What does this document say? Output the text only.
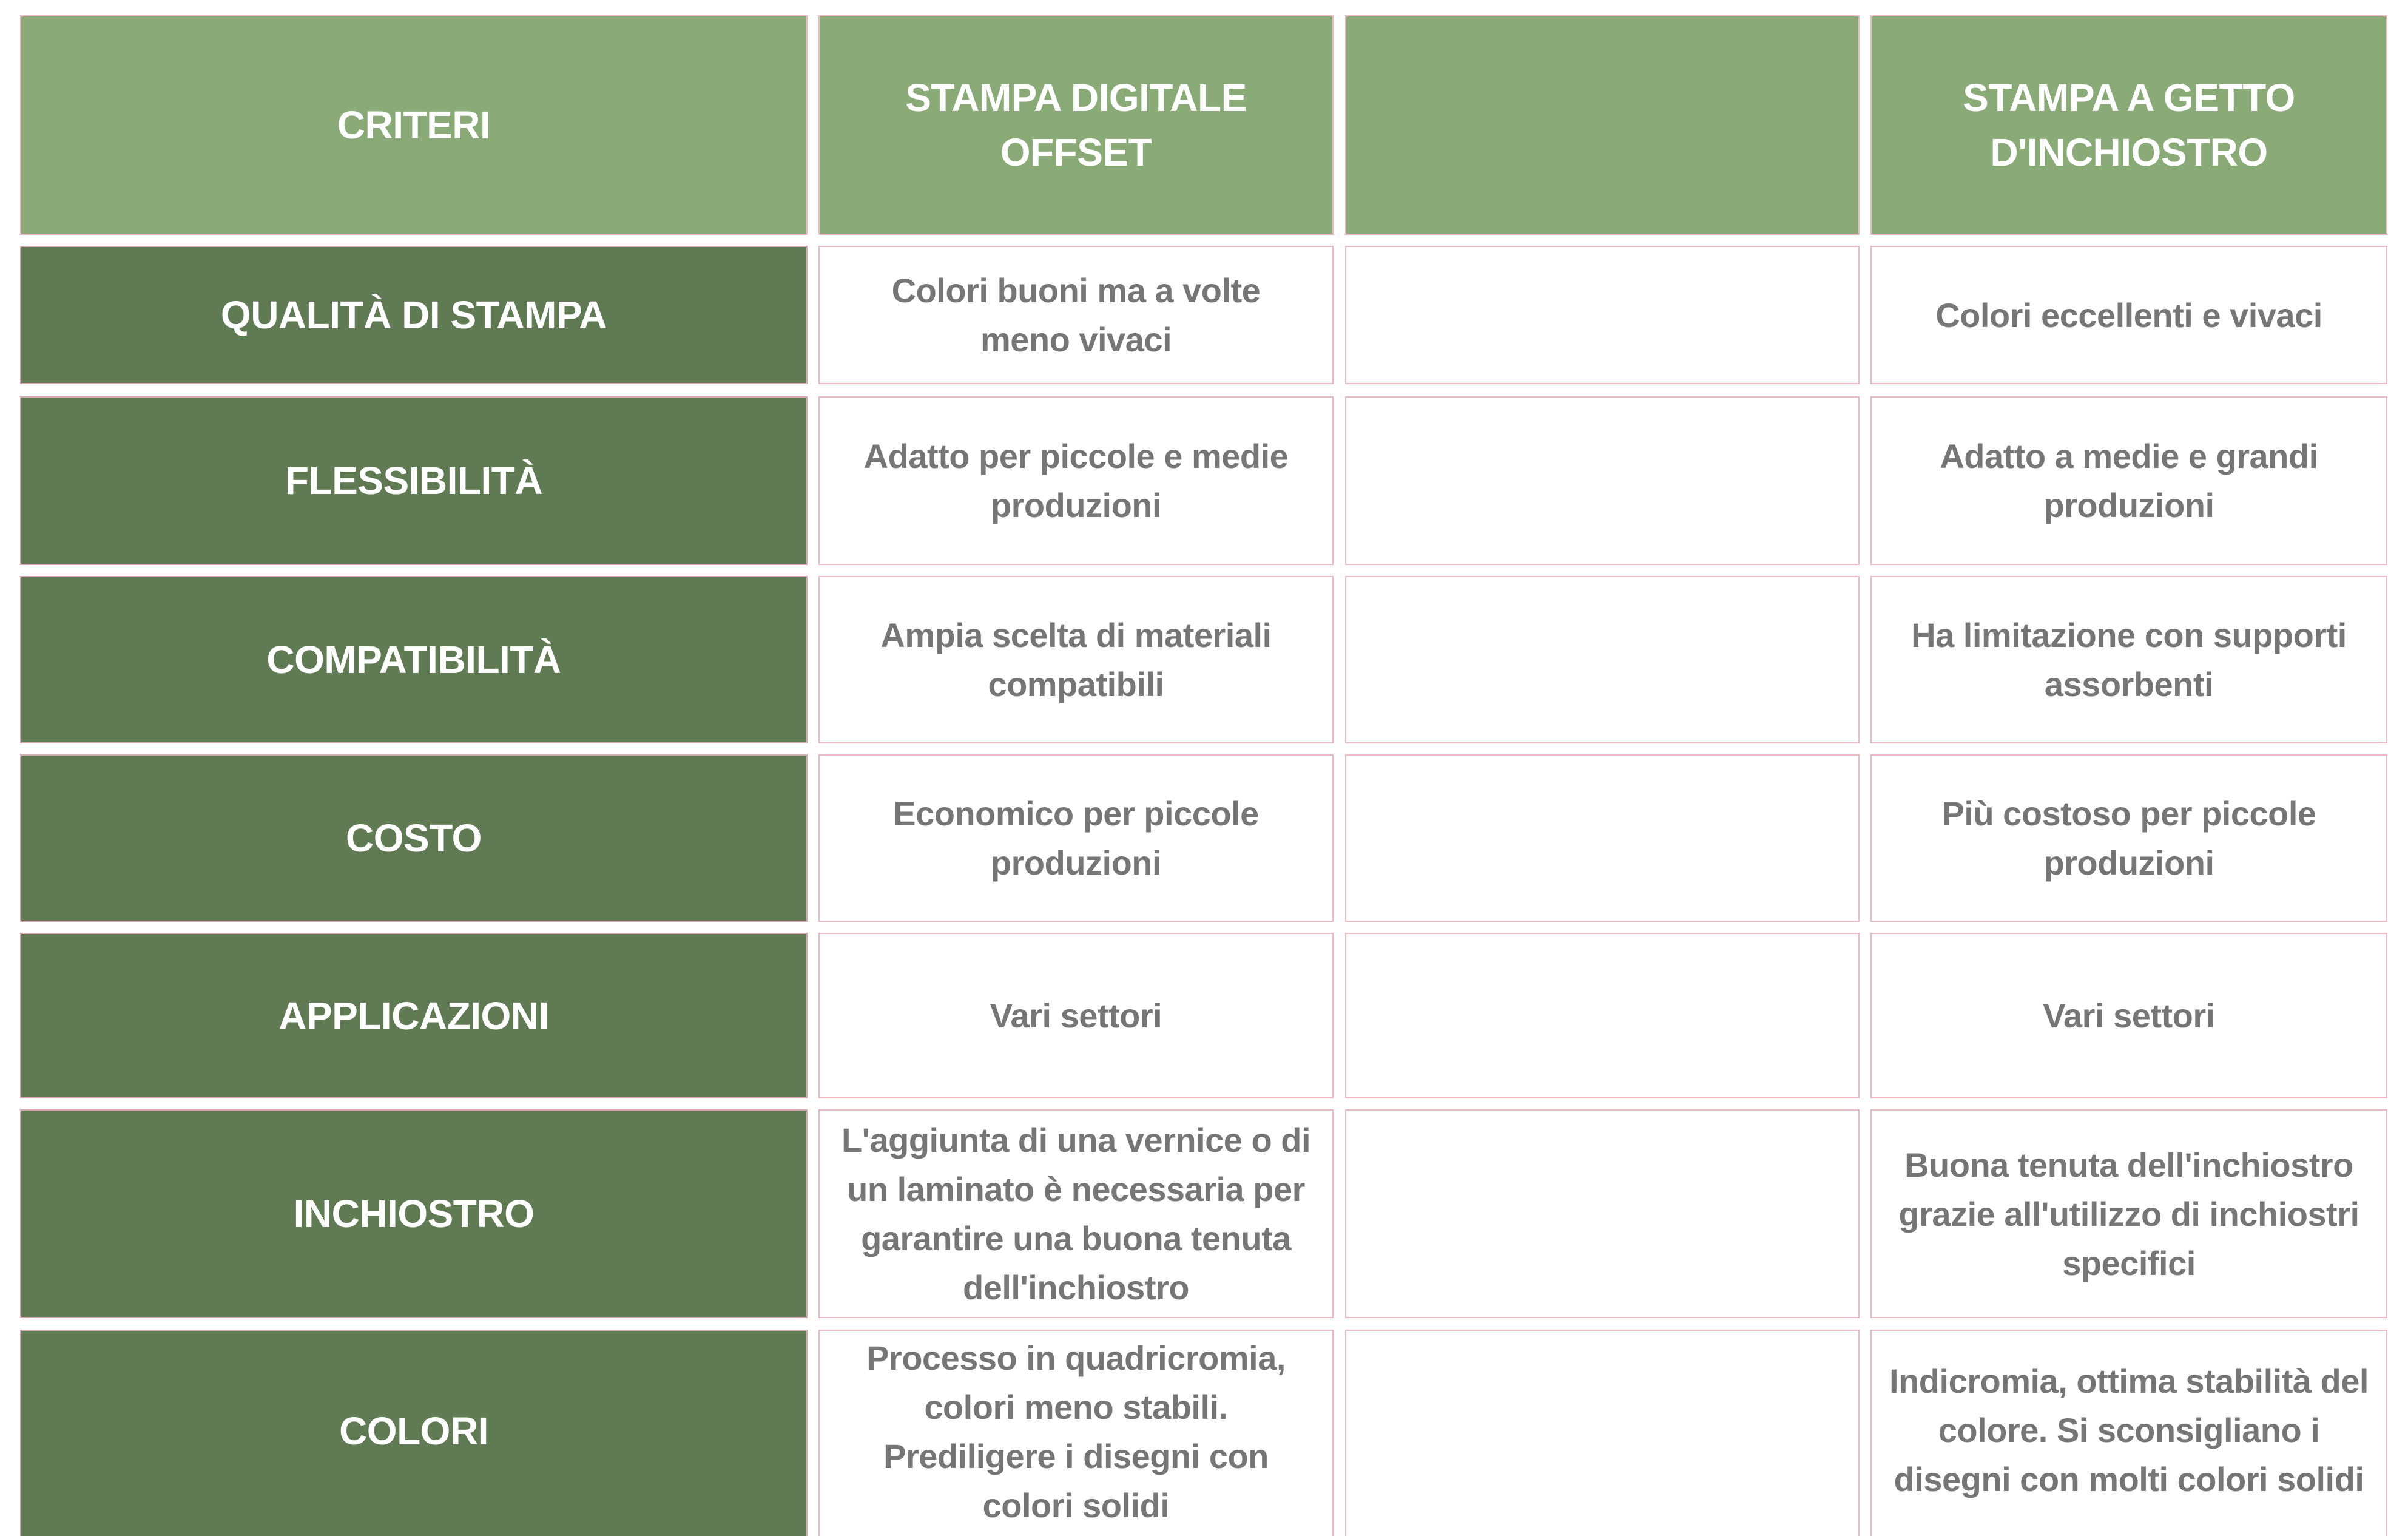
CRITERI
STAMPA DIGITALE OFFSET
STAMPA A GETTO D'INCHIOSTRO
QUALITÀ DI STAMPA
Colori buoni ma a volte meno vivaci
Colori eccellenti e vivaci
FLESSIBILITÀ
Adatto per piccole e medie produzioni
Adatto a medie e grandi produzioni
COMPATIBILITÀ
Ampia scelta di materiali compatibili
Ha limitazione con supporti assorbenti
COSTO
Economico per piccole produzioni
Più costoso per piccole produzioni
APPLICAZIONI	Vari settori	Vari settori
INCHIOSTRO
L'aggiunta di una vernice o di un laminato è necessaria per garantire una buona tenuta dell'inchiostro
Buona tenuta dell'inchiostro grazie all'utilizzo di inchiostri specifici
COLORI
Processo in quadricromia, colori meno stabili. Prediligere i disegni con colori solidi
Indicromia, ottima stabilità del colore. Si sconsigliano i disegni con molti colori solidi
